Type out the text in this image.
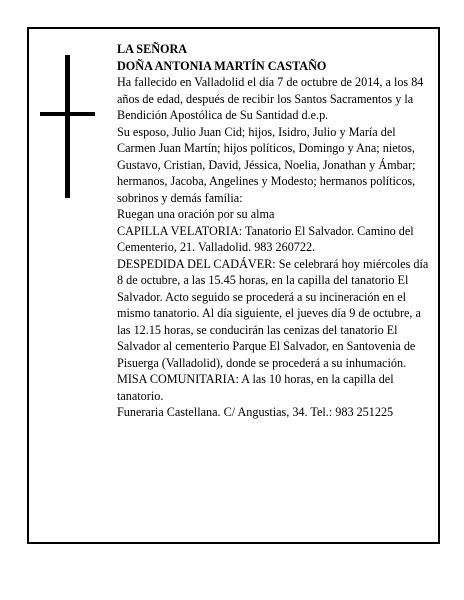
LA SEÑORA

DOÑA ANTONIA MARTÍN CASTAÑO

Ha fallecido en Valladolid el día 7 de octubre de 2014, a los 84 años de edad, después de recibir los Santos Sacramentos y la Bendición Apostólica de Su Santidad d.e.p.

Su esposo, Julio Juan Cid; hijos, Isidro, Julio y María del Carmen Juan Martín; hijos políticos, Domingo y Ana; nietos, Gustavo, Cristian, David, Jéssica, Noelia, Jonathan y Ámbar; hermanos, Jacoba, Angelines y Modesto; hermanos políticos, sobrinos y demás familia:

Ruegan una oración por su alma

CAPILLA VELATORIA: Tanatorio El Salvador. Camino del Cementerio, 21. Valladolid. 983 260722.

DESPEDIDA DEL CADÁVER: Se celebrará hoy miércoles día 8 de octubre, a las 15.45 horas, en la capilla del tanatorio El Salvador. Acto seguido se procederá a su incineración en el mismo tanatorio. Al día siguiente, el jueves día 9 de octubre, a las 12.15 horas, se conducirán las cenizas del tanatorio El Salvador al cementerio Parque El Salvador, en Santovenia de Pisuerga (Valladolid), donde se procederá a su inhumación.

MISA COMUNITARIA: A las 10 horas, en la capilla del tanatorio.

Funeraria Castellana. C/ Angustias, 34. Tel.: 983 251225
